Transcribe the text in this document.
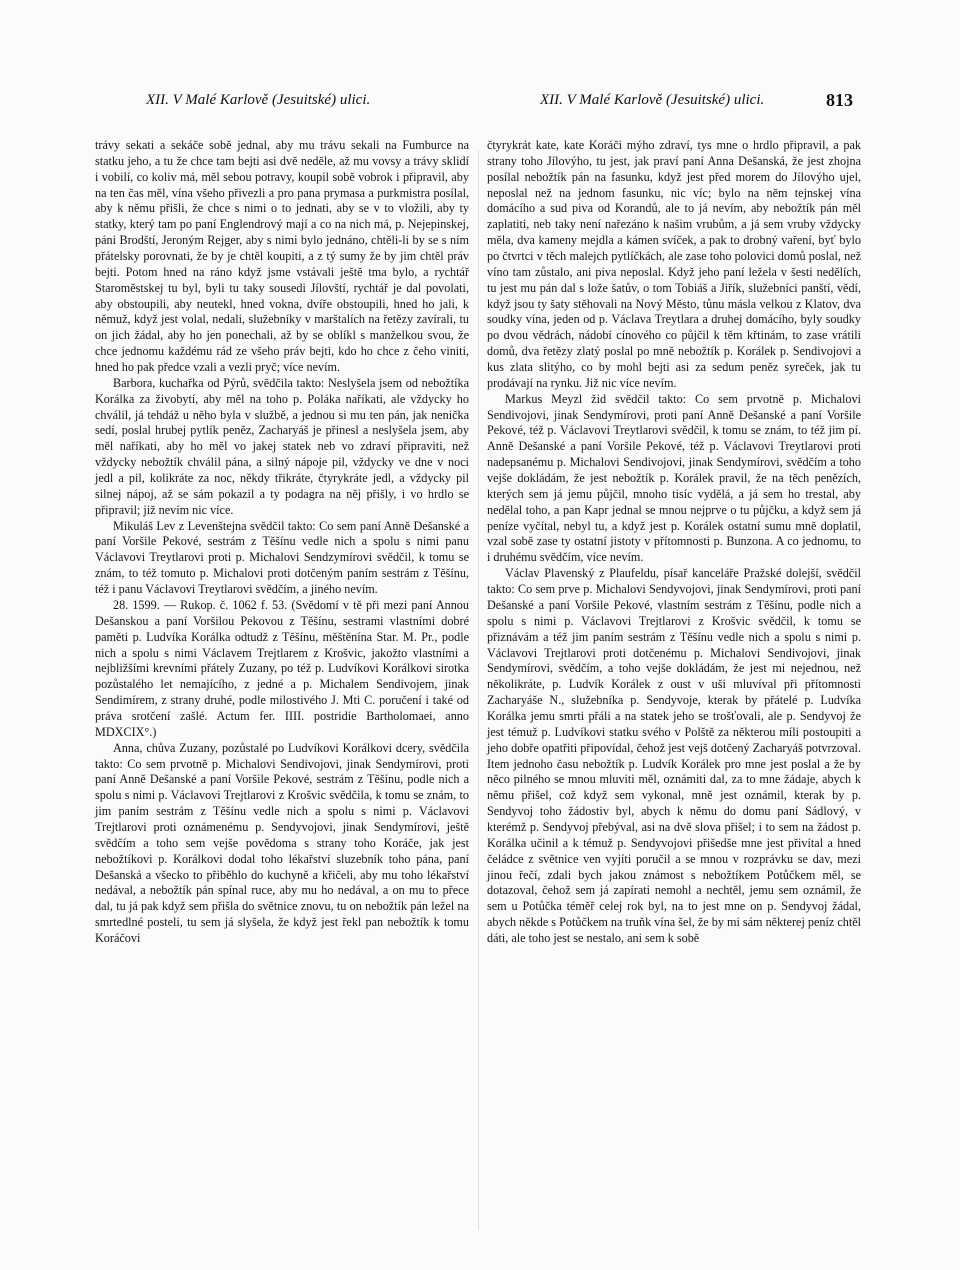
XII. V Malé Karlově (Jesuitské) ulici.	XII. V Malé Karlově (Jesuitské) ulici.	813

trávy sekati a sekáče sobě jednal, aby mu trávu sekali na Fumburce na statku jeho, a tu že chce tam bejti asi dvě neděle, až mu vovsy a trávy sklidí i vobilí, co koliv má, měl sebou potravy, koupil sobě vobrok i připravil, aby na ten čas měl, vína všeho přivezli a pro pana prymasa a purkmistra posílal, aby k němu přišli, že chce s nimi o to jednati, aby se v to vložili, aby ty statky, který tam po paní Englendrový mají a co na nich má, p. Nejepinskej, páni Brodští, Jeroným Rejger, aby s nimi bylo jednáno, chtěli-li by se s ním přátelsky porovnati, že by je chtěl koupiti, a z tý sumy že by jim chtěl práv bejti. Potom hned na ráno když jsme vstávali ještě tma bylo, a rychtář Staroměstskej tu byl, byli tu taky sousedi Jílovští, rychtář je dal povolati, aby obstoupili, aby neutekl, hned vokna, dvíře obstoupili, hned ho jali, k němuž, když jest volal, nedali, služebníky v marštalích na řetězy zavírali, tu on jich žádal, aby ho jen ponechali, až by se oblíkl s manželkou svou, že chce jednomu každému rád ze všeho práv bejti, kdo ho chce z čeho viniti, hned ho pak předce vzali a vezli pryč; více nevím.

Barbora, kuchařka od Pýrů, svědčila takto: Neslyšela jsem od nebožtíka Korálka za živobytí, aby měl na toho p. Poláka naříkati, ale vždycky ho chválil, já tehdáž u něho byla v službě, a jednou si mu ten pán, jak nenička sedí, poslal hrubej pytlík peněz, Zacharyáš je přinesl a neslyšela jsem, aby měl naříkati, aby ho měl vo jakej statek neb vo zdraví připraviti, než vždycky nebožtík chválil pána, a silný nápoje pil, vždycky ve dne v noci jedl a pil, kolikráte za noc, někdy třikráte, čtyrykráte jedl, a vždycky pil silnej nápoj, až se sám pokazil a ty podagra na něj přišly, i vo hrdlo se připravil; již nevím nic více.

Mikuláš Lev z Levenštejna svědčil takto: Co sem paní Anně Dešanské a paní Voršile Pekové, sestrám z Těšínu vedle nich a spolu s nimi panu Václavovi Treytlarovi proti p. Michalovi Sendzymírovi svědčil, k tomu se znám, to též tomuto p. Michalovi proti dotčeným paním sestrám z Těšínu, též i panu Václavovi Treytlarovi svědčím, a jiného nevím.

28. 1599. — Rukop. č. 1062 f. 53. (Svědomí v tě při mezi paní Annou Dešanskou a paní Voršilou Pekovou z Těšínu, sestrami vlastními dobré paměti p. Ludvíka Korálka odtudž z Těšínu, měštěnína Star. M. Pr., podle nich a spolu s nimi Václavem Trejtlarem z Krošvic, jakožto vlastními a nejbližšími krevními přátely Zuzany, po též p. Ludvíkovi Korálkovi sirotka pozůstalého let nemajícího, z jedné a p. Michalem Sendivojem, jinak Sendimírem, z strany druhé, podle milostivého J. Mti C. poručení i také od práva srotčení zašlé. Actum fer. IIII. postridie Bartholomaei, anno MDXCIX°.)

Anna, chůva Zuzany, pozůstalé po Ludvíkovi Korálkovi dcery, svědčila takto: Co sem prvotně p. Michalovi Sendivojovi, jinak Sendymírovi, proti paní Anně Dešanské a paní Voršile Pekové, sestrám z Těšínu, podle nich a spolu s nimi p. Václavovi Trejtlarovi z Krošvic svědčila, k tomu se znám, to jim paním sestrám z Těšínu vedle nich a spolu s nimi p. Václavovi Trejtlarovi proti oznámenému p. Sendyvojovi, jinak Sendymírovi, ještě svědčím a toho sem vejše povědoma s strany toho Koráče, jak jest nebožtíkovi p. Korálkovi dodal toho lékařství sluzebník toho pána, paní Dešanská a všecko to přiběhlo do kuchyně a křičeli, aby mu toho lékařství nedával, a nebožtík pán spínal ruce, aby mu ho nedával, a on mu to přece dal, tu já pak když sem přišla do světnice znovu, tu on nebožtík pán ležel na smrtedlné posteli, tu sem já slyšela, že když jest řekl pan nebožtík k tomu Koráčovi

čtyrykrát kate, kate Koráči mýho zdraví, tys mne o hrdlo připravil, a pak strany toho Jílovýho, tu jest, jak praví paní Anna Dešanská, že jest zhojna posílal nebožtík pán na fasunku, když jest před morem do Jílovýho ujel, neposlal než na jednom fasunku, nic víc; bylo na něm tejnskej vína domácího a sud piva od Korandů, ale to já nevím, aby nebožtík pán měl zaplatiti, neb taky není nařezáno k našim vrubům, a já sem vruby vždycky měla, dva kameny mejdla a kámen svíček, a pak to drobný vaření, byť bylo po čtvrtci v těch malejch pytlíčkách, ale zase toho polovici domů poslal, než víno tam zůstalo, ani piva neposlal. Když jeho paní ležela v šesti nedělích, tu jest mu pán dal s lože šatův, o tom Tobiáš a Jiřík, služebníci panští, vědí, když jsou ty šaty stěhovali na Nový Město, tůnu másla velkou z Klatov, dva soudky vína, jeden od p. Václava Treytlara a druhej domácího, byly soudky po dvou vědrách, nádobí cínového co půjčil k těm křtinám, to zase vrátili domů, dva řetězy zlatý poslal po mně nebožtík p. Korálek p. Sendivojovi a kus zlata slitýho, co by mohl bejti asi za sedum peněz syreček, jak tu prodávají na rynku. Již nic více nevím.

Markus Meyzl žid svědčil takto: Co sem prvotně p. Michalovi Sendivojovi, jinak Sendymírovi, proti paní Anně Dešanské a paní Voršile Pekové, též p. Václavovi Treytlarovi svědčil, k tomu se znám, to též jim pí. Anně Dešanské a paní Voršile Pekové, též p. Václavovi Treytlarovi proti nadepsanému p. Michalovi Sendivojovi, jinak Sendymírovi, svědčím a toho vejše dokládám, že jest nebožtík p. Korálek pravil, že na těch penězích, kterých sem já jemu půjčil, mnoho tisíc vydělá, a já sem ho trestal, aby nedělal toho, a pan Kapr jednal se mnou nejprve o tu půjčku, a když sem já peníze vyčítal, nebyl tu, a když jest p. Korálek ostatní sumu mně doplatil, vzal sobě zase ty ostatní jistoty v přítomnosti p. Bunzona. A co jednomu, to i druhému svědčím, více nevím.

Václav Plavenský z Plaufeldu, písař kanceláře Pražské dolejší, svědčil takto: Co sem prve p. Michalovi Sendyvojovi, jinak Sendymírovi, proti paní Dešanské a paní Voršile Pekové, vlastním sestrám z Těšínu, podle nich a spolu s nimi p. Václavovi Trejtlarovi z Krošvic svědčil, k tomu se přiznávám a též jim paním sestrám z Těšínu vedle nich a spolu s nimi p. Václavovi Trejtlarovi proti dotčenému p. Michalovi Sendivojovi, jinak Sendymírovi, svědčím, a toho vejše dokládám, že jest mi nejednou, než několikráte, p. Ludvík Korálek z oust v uši mluvíval při přítomnosti Zacharyáše N., služebníka p. Sendyvoje, kterak by přátelé p. Ludvíka Korálka jemu smrti přáli a na statek jeho se trošťovali, ale p. Sendyvoj že jest témuž p. Ludvíkovi statku svého v Polště za některou míli postoupiti a jeho dobře opatřiti připovídal, čehož jest vejš dotčený Zacharyáš potvrzoval. Item jednoho času nebožtík p. Ludvík Korálek pro mne jest poslal a že by něco pilného se mnou mluviti měl, oznámiti dal, za to mne žádaje, abych k němu přišel, což když sem vykonal, mně jest oznámil, kterak by p. Sendyvoj toho žádostiv byl, abych k němu do domu paní Sádlový, v kterémž p. Sendyvoj přebýval, asi na dvě slova přišel; i to sem na žádost p. Korálka učinil a k témuž p. Sendyvojovi přišedše mne jest přivítal a hned čeládce z světnice ven vyjíti poručil a se mnou v rozprávku se dav, mezi jinou řečí, zdali bych jakou známost s nebožtíkem Potůčkem měl, se dotazoval, čehož sem já zapírati nemohl a nechtěl, jemu sem oznámil, že sem u Potůčka téměř celej rok byl, na to jest mne on p. Sendyvoj žádal, abych někde s Potůčkem na truňk vína šel, že by mi sám některej peníz chtěl dáti, ale toho jest se nestalo, ani sem k sobě
